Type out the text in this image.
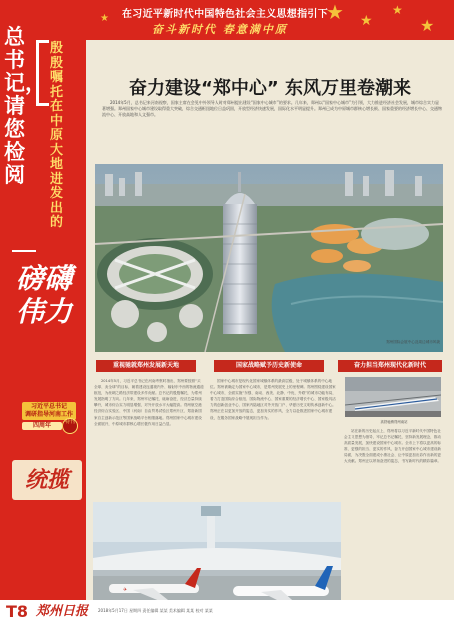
★ ★
★
★
★ 在习近平新时代中国特色社会主义思想指引下
奋斗新时代 春意满中原
总书记，请您检阅
殷殷嘱托在中原大地进发出的
磅礴伟力
习近平总书记
调研指导河南工作
四周年	特刊
统揽
奋力建设“郑中心” 东风万里卷潮来
2014年5月，总书记来河南视察，国家主席在会见中外领导人时对郑州提出建设“国家中心城市”的要求。几年来，郑州以“国家中心城市”为引领，大力推进经济社会发展，城市综合实力显著增强。郑州国家中心城市建设取得重大突破，综合交通枢纽地位日益巩固，开放型经济快速发展，国际化水平明显提升。郑州已成为中原城市群核心增长极、国家重要的经济增长中心、交通物流中心、开放高地和人文强市。
郑州国际会展中心及周边城市风貌
重视驰就郑州发展新天地	国家战略赋予历史新使命	奋力担当郑州现代化新时代
2014年5月，习近平总书记在河南考察时指出，郑州要按照“买全球、卖全球”的目标，朝着建设连通境内外、辐射东中西的物流通道枢纽，为丝绸之路经济带建设多作贡献。总书记的殷殷嘱托，为郑州发展指明了方向。几年来，郑州牢记嘱托、砥砺奋进，经济总量持续攀升，城市综合实力明显增强，对外开放水平大幅提高。郑州航空港经济综合实验区、中国（河南）自由贸易试验区郑州片区、郑洛新国家自主创新示范区等国家战略平台相继落地。郑州国家中心城市建设全面展开，中原城市群核心增长极作用日益凸显。
国家中心城市是现代化国家城镇体系的最高层级，处于城镇体系的中心地位。郑州被确定为国家中心城市，是郑州发展史上的里程碑。郑州围绕建设国家中心城市，全面实施“东强、南动、西美、北静、中优、外联”的城市功能布局，着力打造国际综合枢纽、国际物流中心、国家重要的经济增长中心、国家极具活力的创新创业中心、国家内陆地区对外开放门户、华夏历史文明传承创新中心。郑州正在以更加开放的姿态，更加务实的作风，全力以赴推进国家中心城市建设，在服务国家战略中展现担当作为。
站在新的历史起点上，郑州将以习近平新时代中国特色社会主义思想为指导，牢记总书记嘱托，坚持新发展理念，推动高质量发展，加快建设国家中心城市。全市上下将以更高的标准、更强的担当、更实的作风，奋力开创国家中心城市建设新局面，为决胜全面建成小康社会、让中原更加出彩作出新的更大贡献。郑州正以昂扬奋进的姿态，书写新时代的精彩篇章。
高铁驰骋郑州南站
✈
T8 郑州日报 2018年5月17日 星期四 责任编辑 某某 美术编辑 某某 校对 某某
